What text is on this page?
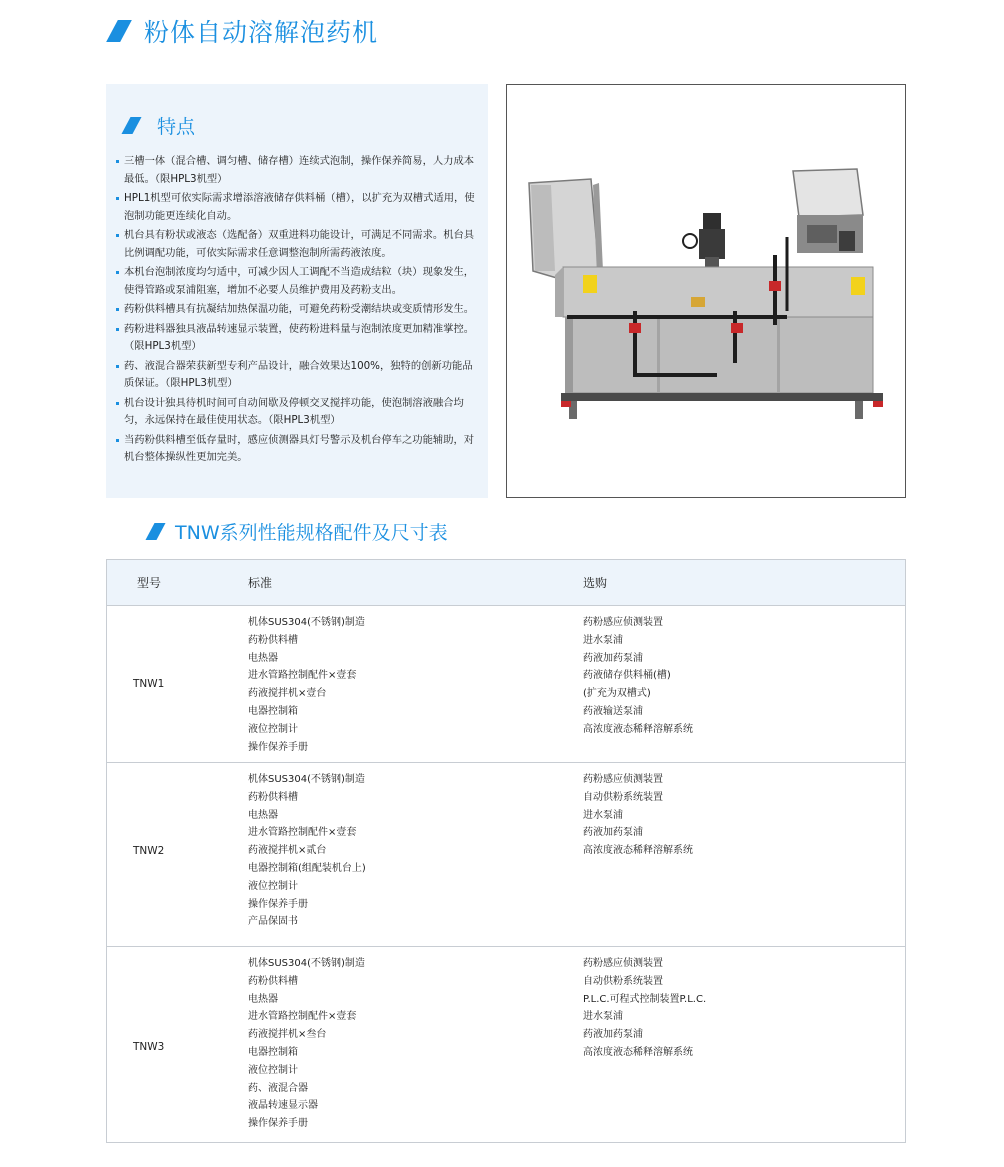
粉体自动溶解泡药机
特点
三槽一体（混合槽、调匀槽、储存槽）连续式泡制，操作保养简易，人力成本最低。（限HPL3机型）
HPL1机型可依实际需求增添溶液储存供料桶（槽），以扩充为双槽式适用，使泡制功能更连续化自动。
机台具有粉状或液态（选配备）双重进料功能设计，可满足不同需求。机台具比例调配功能，可依实际需求任意调整泡制所需药液浓度。
本机台泡制浓度均匀适中，可减少因人工调配不当造成结粒（块）现象发生，使得管路或泵浦阻塞，增加不必要人员维护费用及药粉支出。
药粉供料槽具有抗凝结加热保温功能，可避免药粉受潮结块或变质情形发生。
药粉进料器独具液晶转速显示装置，使药粉进料量与泡制浓度更加精准掌控。（限HPL3机型）
药、液混合器荣获新型专利产品设计，融合效果达100%，独特的创新功能品质保证。（限HPL3机型）
机台设计独具待机时间可自动间歇及停顿交叉搅拌功能，使泡制溶液融合均匀，永远保持在最佳使用状态。（限HPL3机型）
当药粉供料槽至低存量时，感应侦测器具灯号警示及机台停车之功能辅助，对机台整体操纵性更加完美。
TNW系列性能规格配件及尺寸表
型号	标准	选购
TNW1
机体SUS304(不锈钢)制造
药粉供料槽
电热器
进水管路控制配件×壹套
药液搅拌机×壹台
电器控制箱
液位控制计
操作保养手册
药粉感应侦测装置
进水泵浦
药液加药泵浦
药液储存供料桶(槽)
(扩充为双槽式)
药液输送泵浦
高浓度液态稀释溶解系统
TNW2
机体SUS304(不锈钢)制造
药粉供料槽
电热器
进水管路控制配件×壹套
药液搅拌机×贰台
电器控制箱(组配装机台上)
液位控制计
操作保养手册
产品保固书
药粉感应侦测装置
自动供粉系统装置
进水泵浦
药液加药泵浦
高浓度液态稀释溶解系统
TNW3
机体SUS304(不锈钢)制造
药粉供料槽
电热器
进水管路控制配件×壹套
药液搅拌机×叁台
电器控制箱
液位控制计
药、液混合器
液晶转速显示器
操作保养手册
药粉感应侦测装置
自动供粉系统装置
P.L.C.可程式控制装置P.L.C.
进水泵浦
药液加药泵浦
高浓度液态稀释溶解系统
